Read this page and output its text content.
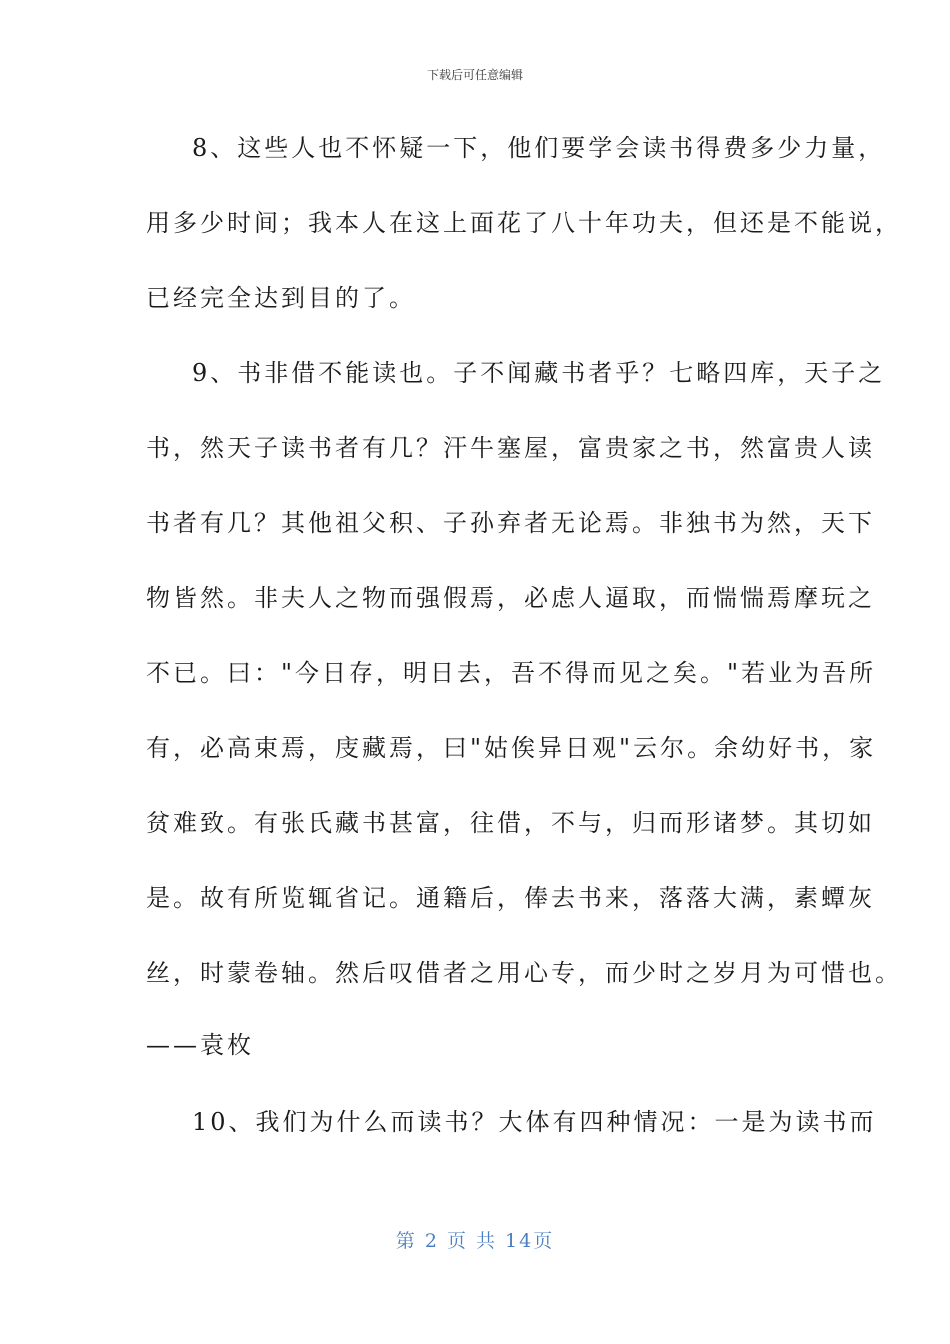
下载后可任意编辑
8、这些人也不怀疑一下，他们要学会读书得费多少力量，
用多少时间；我本人在这上面花了八十年功夫，但还是不能说，
已经完全达到目的了。
9、书非借不能读也。子不闻藏书者乎？七略四库，天子之
书，然天子读书者有几？汗牛塞屋，富贵家之书，然富贵人读
书者有几？其他祖父积、子孙弃者无论焉。非独书为然，天下
物皆然。非夫人之物而强假焉，必虑人逼取，而惴惴焉摩玩之
不已。曰："今日存，明日去，吾不得而见之矣。"若业为吾所
有，必高束焉，庋藏焉，曰"姑俟异日观"云尔。余幼好书，家
贫难致。有张氏藏书甚富，往借，不与，归而形诸梦。其切如
是。故有所览辄省记。通籍后，俸去书来，落落大满，素蟫灰
丝，时蒙卷轴。然后叹借者之用心专，而少时之岁月为可惜也。
——袁枚
10、我们为什么而读书？大体有四种情况：一是为读书而
第 2 页 共 14页
